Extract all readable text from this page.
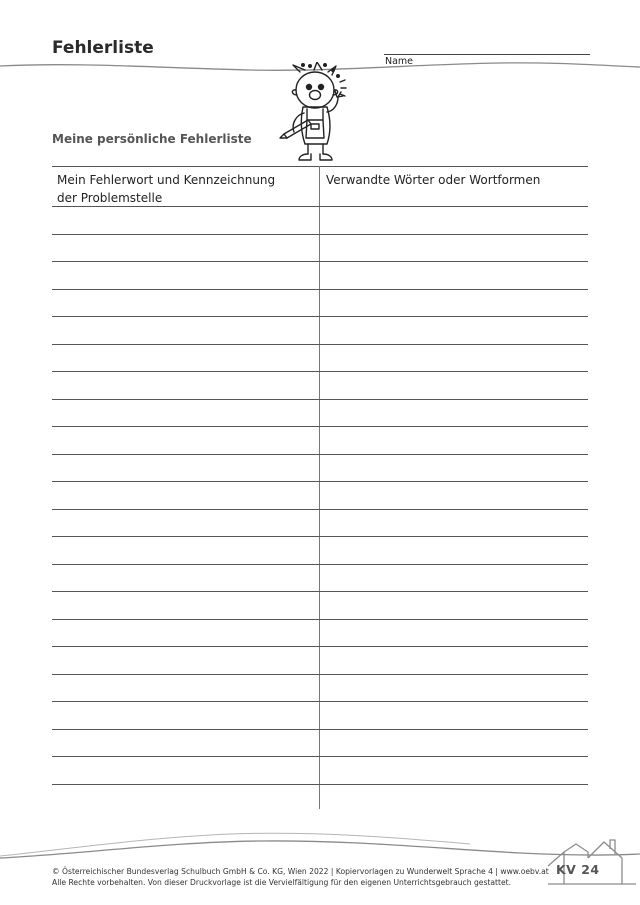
Fehlerliste
Name
Meine persönliche Fehlerliste
Mein Fehlerwort und Kennzeichnung
der Problemstelle
Verwandte Wörter oder Wortformen
KV 24
© Österreichischer Bundesverlag Schulbuch GmbH & Co. KG, Wien 2022 | Kopiervorlagen zu Wunderwelt Sprache 4 | www.oebv.at
Alle Rechte vorbehalten. Von dieser Druckvorlage ist die Vervielfältigung für den eigenen Unterrichtsgebrauch gestattet.
